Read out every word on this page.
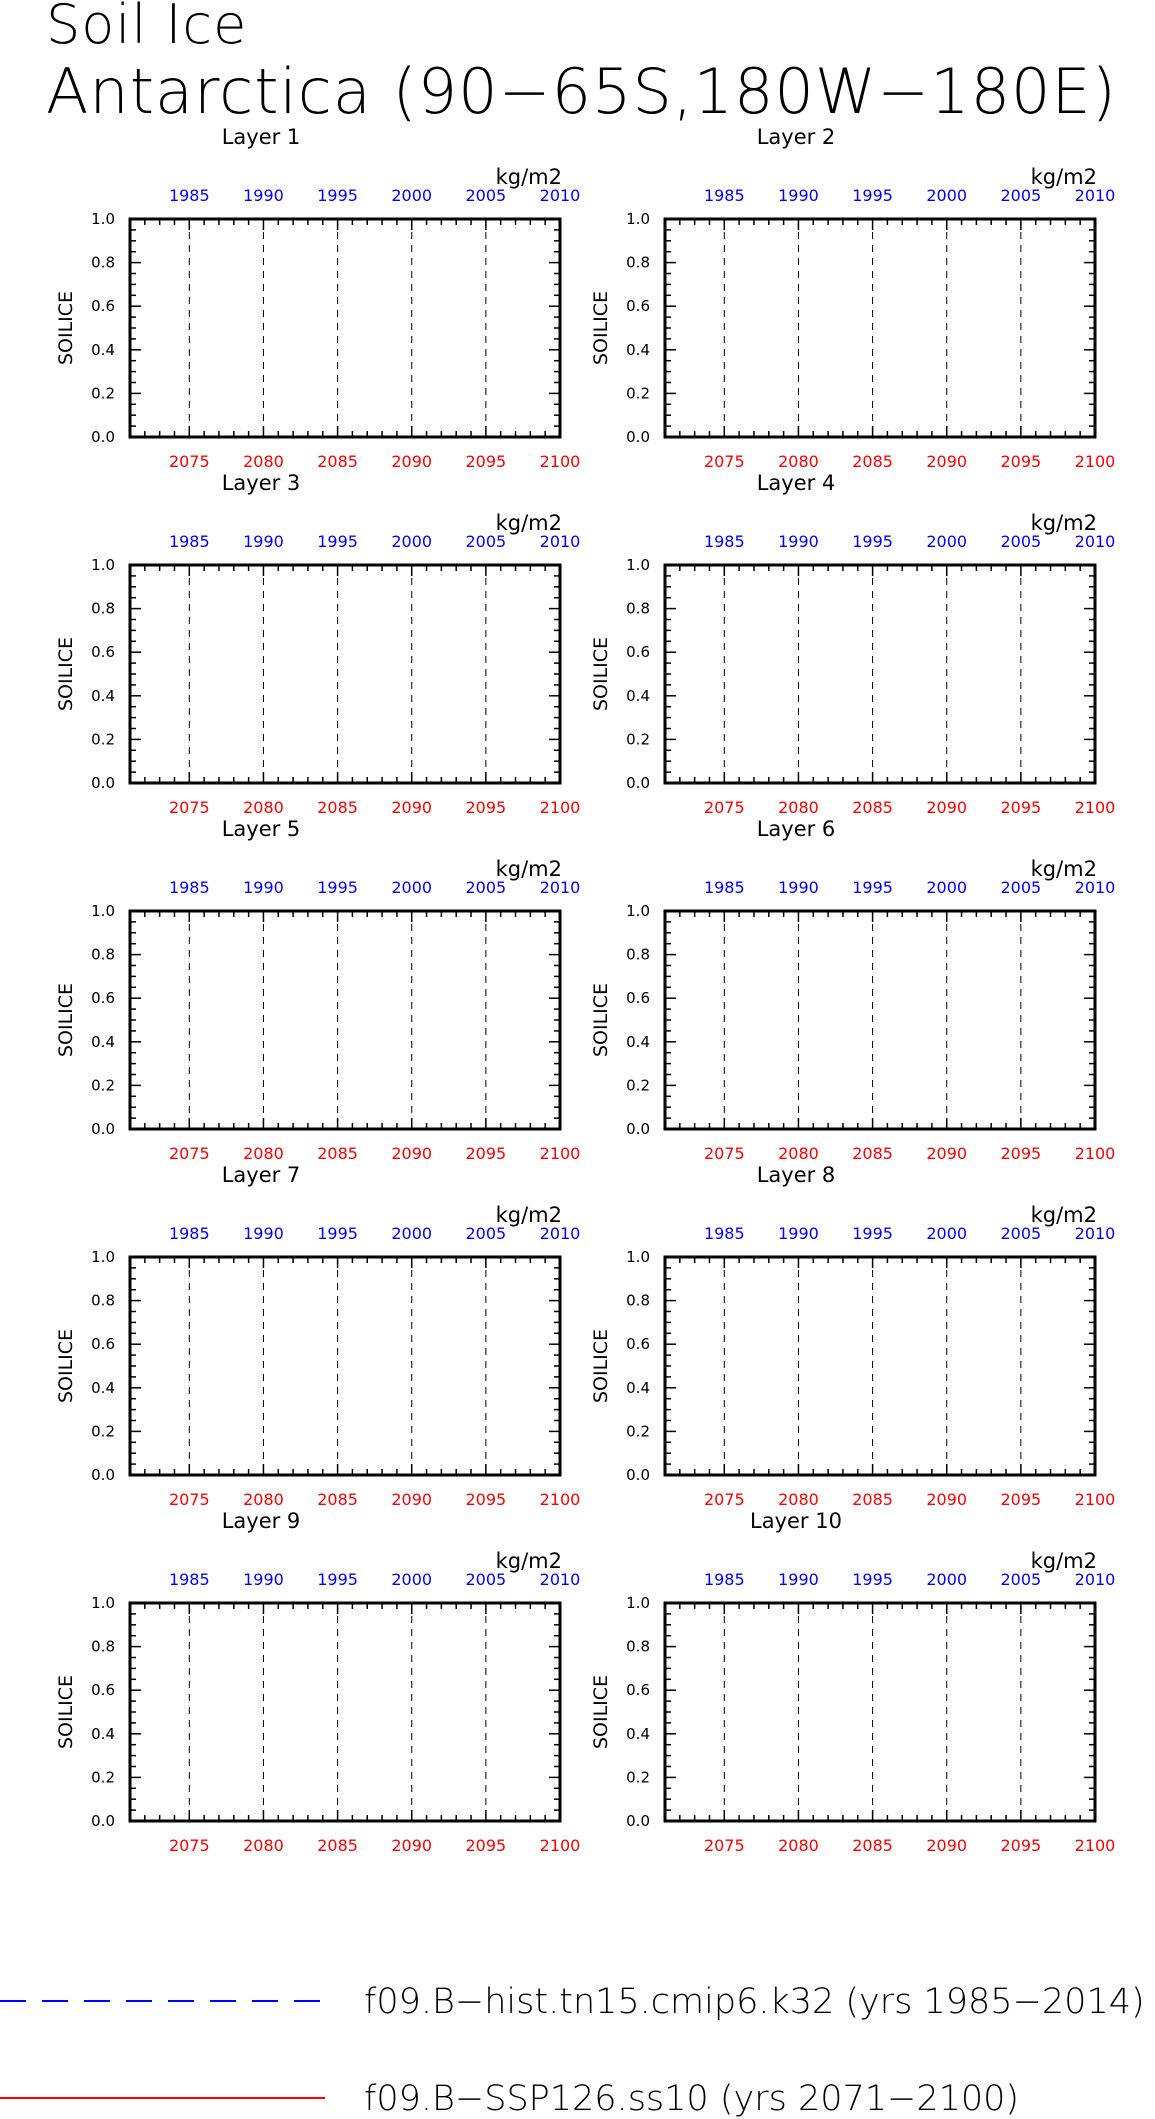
Soil Ice
Antarctica (90−65S,180W−180E)
Layer 1
kg/m2
SOILICE
0.0
0.2
0.4
0.6
0.8
1.0
2075 2080 2085 2090 2095 2100
1985 1990 1995 2000 2005 2010
Layer 2
kg/m2
SOILICE
0.0
0.2
0.4
0.6
0.8
1.0
2075 2080 2085 2090 2095 2100
1985 1990 1995 2000 2005 2010
Layer 3
kg/m2
SOILICE
0.0
0.2
0.4
0.6
0.8
1.0
2075 2080 2085 2090 2095 2100
1985 1990 1995 2000 2005 2010
Layer 4
kg/m2
SOILICE
0.0
0.2
0.4
0.6
0.8
1.0
2075 2080 2085 2090 2095 2100
1985 1990 1995 2000 2005 2010
Layer 5
kg/m2
SOILICE
0.0
0.2
0.4
0.6
0.8
1.0
2075 2080 2085 2090 2095 2100
1985 1990 1995 2000 2005 2010
Layer 6
kg/m2
SOILICE
0.0
0.2
0.4
0.6
0.8
1.0
2075 2080 2085 2090 2095 2100
1985 1990 1995 2000 2005 2010
Layer 7
kg/m2
SOILICE
0.0
0.2
0.4
0.6
0.8
1.0
2075 2080 2085 2090 2095 2100
1985 1990 1995 2000 2005 2010
Layer 8
kg/m2
SOILICE
0.0
0.2
0.4
0.6
0.8
1.0
2075 2080 2085 2090 2095 2100
1985 1990 1995 2000 2005 2010
Layer 9
kg/m2
SOILICE
0.0
0.2
0.4
0.6
0.8
1.0
2075 2080 2085 2090 2095 2100
1985 1990 1995 2000 2005 2010
Layer 10
kg/m2
SOILICE
0.0
0.2
0.4
0.6
0.8
1.0
2075 2080 2085 2090 2095 2100
1985 1990 1995 2000 2005 2010
f09.B−hist.tn15.cmip6.k32 (yrs 1985−2014)
f09.B−SSP126.ss10 (yrs 2071−2100)
